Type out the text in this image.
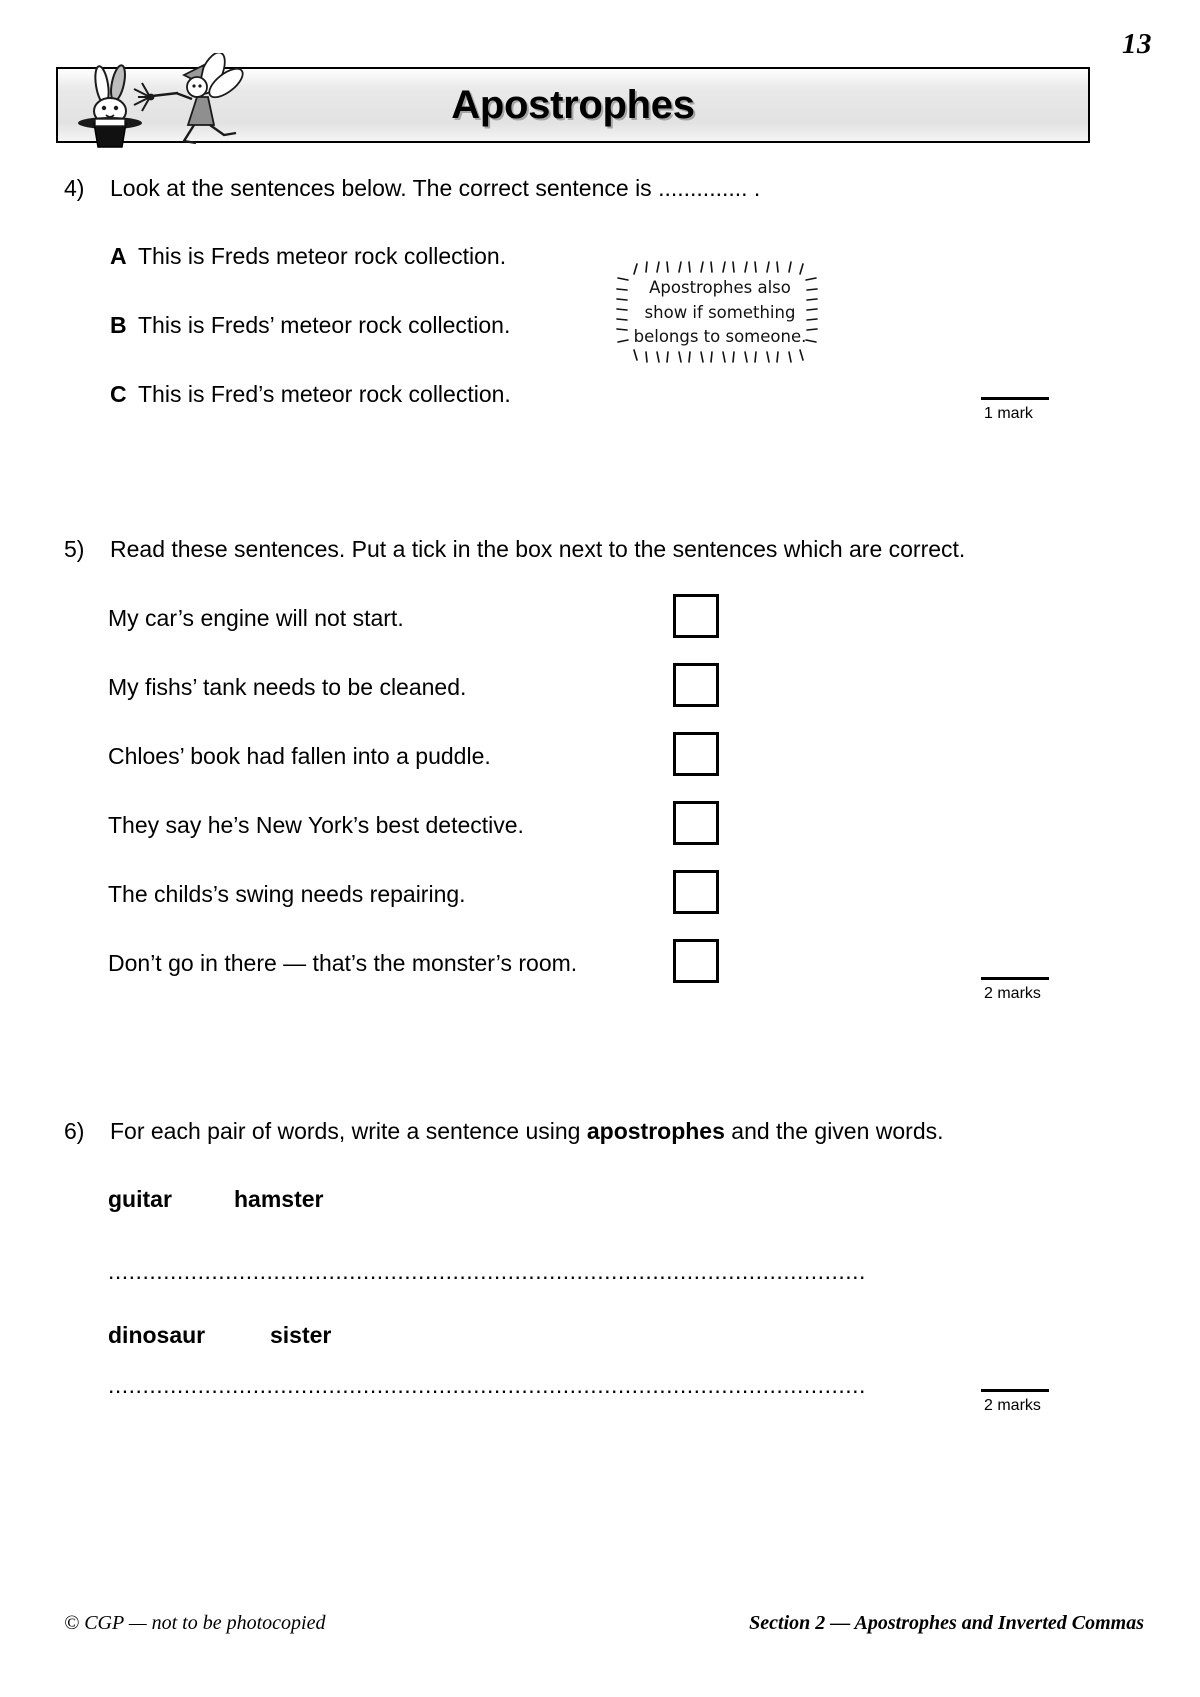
13
Apostrophes
4) Look at the sentences below. The correct sentence is .............. .
A This is Freds meteor rock collection.
B This is Freds’ meteor rock collection.
C This is Fred’s meteor rock collection.
Apostrophes also
show if something
belongs to someone.
1 mark
5) Read these sentences. Put a tick in the box next to the sentences which are correct.
My car’s engine will not start.
My fishs’ tank needs to be cleaned.
Chloes’ book had fallen into a puddle.
They say he’s New York’s best detective.
The childs’s swing needs repairing.
Don’t go in there — that’s the monster’s room.
2 marks
6) For each pair of words, write a sentence using apostrophes and the given words.
guitar	hamster
..............................................................................................................
dinosaur	sister
..............................................................................................................
2 marks
© CGP — not to be photocopied	Section 2 — Apostrophes and Inverted Commas
